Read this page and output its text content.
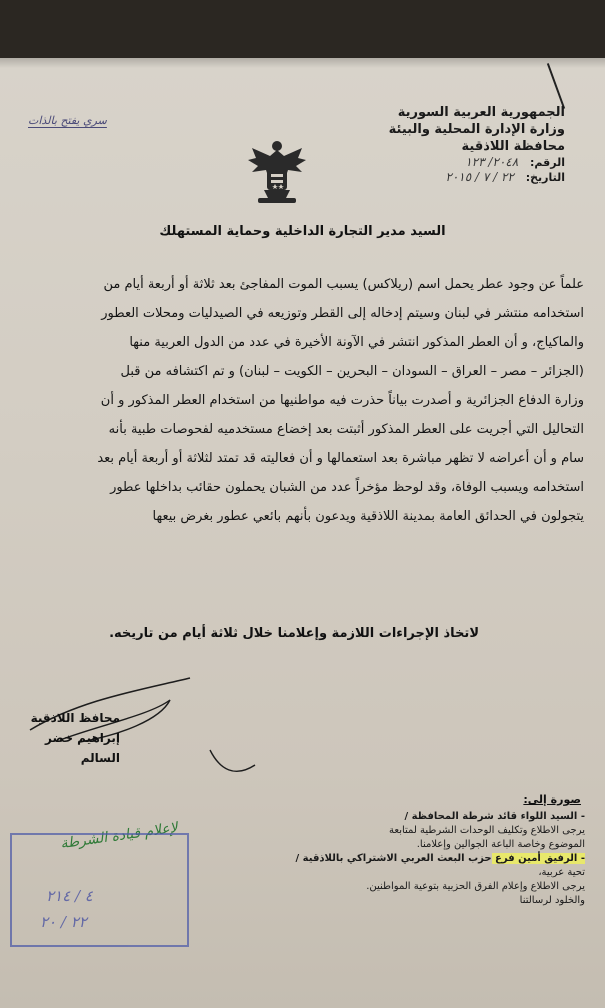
سري يفتح بالذات
الجمهورية العربية السورية
وزارة الإدارة المحلية والبيئة
محافظة اللاذقية
الرقم: ٢٠٤٨/ ١٢٣
التاريخ: ٢٢ / ٧ / ٢٠١٥
السيد مدير التجارة الداخلية وحماية المستهلك
علماً عن وجود عطر يحمل اسم (ريلاكس) يسبب الموت المفاجئ بعد ثلاثة أو أربعة أيام من
استخدامه منتشر في لبنان وسيتم إدخاله إلى القطر وتوزيعه في الصيدليات ومحلات العطور
والماكياج، و أن العطر المذكور انتشر في الآونة الأخيرة في عدد من الدول العربية منها
(الجزائر – مصر – العراق – السودان – البحرين – الكويت – لبنان) و تم اكتشافه من قبل
وزارة الدفاع الجزائرية و أصدرت بياناً حذرت فيه مواطنيها من استخدام العطر المذكور و أن
التحاليل التي أجريت على العطر المذكور أثبتت بعد إخضاع مستخدميه لفحوصات طبية بأنه
سام و أن أعراضه لا تظهر مباشرة بعد استعمالها و أن فعاليته قد تمتد لثلاثة أو أربعة أيام بعد
استخدامه ويسبب الوفاة، وقد لوحظ مؤخراً عدد من الشبان يحملون حقائب بداخلها عطور
يتجولون في الحدائق العامة بمدينة اللاذقية ويدعون بأنهم بائعي عطور بغرض بيعها
لاتخاذ الإجراءات اللازمة وإعلامنا خلال ثلاثة أيام من تاريخه.
محافظ اللاذقية
إبراهيم خضر السالم
صورة إلى:
- السيد اللواء قائد شرطة المحافظة /
يرجى الاطلاع وتكليف الوحدات الشرطية لمتابعة
الموضوع وخاصة الباعة الجوالين وإعلامنا.
- الرفيق أمين فرع حزب البعث العربي الاشتراكي باللاذقية /
تحية عربية،
يرجى الاطلاع وإعلام الفرق الحزبية بتوعية المواطنين.
والخلود لرسالتنا
لإعلام قيادة الشرطة
٤ / ٢١٤
٢٢ / ٢٠
